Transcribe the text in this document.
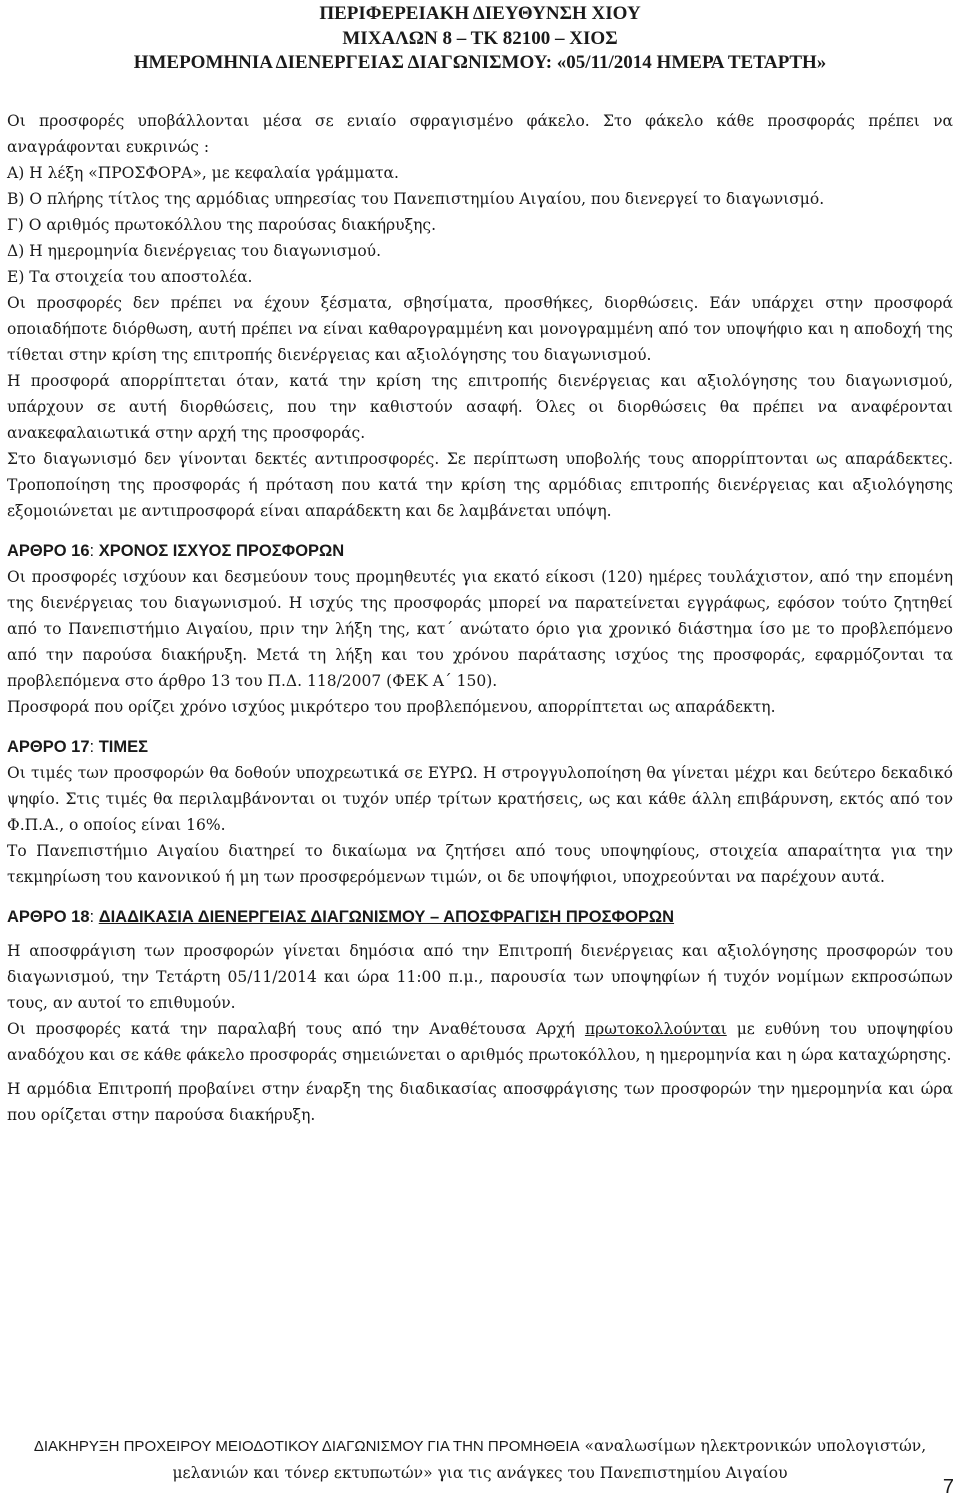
ΠΕΡΙΦΕΡΕΙΑΚΗ ΔΙΕΥΘΥΝΣΗ ΧΙΟΥ
ΜΙΧΑΛΩΝ 8 – ΤΚ 82100 – ΧΙΟΣ
ΗΜΕΡΟΜΗΝΙΑ ΔΙΕΝΕΡΓΕΙΑΣ ΔΙΑΓΩΝΙΣΜΟΥ: «05/11/2014 ΗΜΕΡΑ ΤΕΤΑΡΤΗ»

Οι προσφορές υποβάλλονται μέσα σε ενιαίο σφραγισμένο φάκελο. Στο φάκελο κάθε προσφοράς πρέπει να αναγράφονται ευκρινώς :

Α) Η λέξη «ΠΡΟΣΦΟΡΑ», με κεφαλαία γράμματα.

Β) Ο πλήρης τίτλος της αρμόδιας υπηρεσίας του Πανεπιστημίου Αιγαίου, που διενεργεί το διαγωνισμό.

Γ) Ο αριθμός πρωτοκόλλου της παρούσας διακήρυξης.

Δ) Η ημερομηνία διενέργειας του διαγωνισμού.

Ε) Τα στοιχεία του αποστολέα.

Οι προσφορές δεν πρέπει να έχουν ξέσματα, σβησίματα, προσθήκες, διορθώσεις. Εάν υπάρχει στην προσφορά οποιαδήποτε διόρθωση, αυτή πρέπει να είναι καθαρογραμμένη και μονογραμμένη από τον υποψήφιο και η αποδοχή της τίθεται στην κρίση της επιτροπής διενέργειας και αξιολόγησης του διαγωνισμού.

Η προσφορά απορρίπτεται όταν, κατά την κρίση της επιτροπής διενέργειας και αξιολόγησης του διαγωνισμού, υπάρχουν σε αυτή διορθώσεις, που την καθιστούν ασαφή. Όλες οι διορθώσεις θα πρέπει να αναφέρονται ανακεφαλαιωτικά στην αρχή της προσφοράς.

Στο διαγωνισμό δεν γίνονται δεκτές αντιπροσφορές. Σε περίπτωση υποβολής τους απορρίπτονται ως απαράδεκτες. Τροποποίηση της προσφοράς ή πρόταση που κατά την κρίση της αρμόδιας επιτροπής διενέργειας και αξιολόγησης εξομοιώνεται με αντιπροσφορά είναι απαράδεκτη και δε λαμβάνεται υπόψη.

ΑΡΘΡΟ 16: ΧΡΟΝΟΣ ΙΣΧΥΟΣ ΠΡΟΣΦΟΡΩΝ

Οι προσφορές ισχύουν και δεσμεύουν τους προμηθευτές για εκατό είκοσι (120) ημέρες τουλάχιστον, από την επομένη της διενέργειας του διαγωνισμού. Η ισχύς της προσφοράς μπορεί να παρατείνεται εγγράφως, εφόσον τούτο ζητηθεί από το Πανεπιστήμιο Αιγαίου, πριν την λήξη της, κατ΄ ανώτατο όριο για χρονικό διάστημα ίσο με το προβλεπόμενο από την παρούσα διακήρυξη. Μετά τη λήξη και του χρόνου παράτασης ισχύος της προσφοράς, εφαρμόζονται τα προβλεπόμενα στο άρθρο 13 του Π.Δ. 118/2007 (ΦΕΚ Α΄ 150).

Προσφορά που ορίζει χρόνο ισχύος μικρότερο του προβλεπόμενου, απορρίπτεται ως απαράδεκτη.

ΑΡΘΡΟ 17: ΤΙΜΕΣ

Οι τιμές των προσφορών θα δοθούν υποχρεωτικά σε ΕΥΡΩ. Η στρογγυλοποίηση θα γίνεται μέχρι και δεύτερο δεκαδικό ψηφίο. Στις τιμές θα περιλαμβάνονται οι τυχόν υπέρ τρίτων κρατήσεις, ως και κάθε άλλη επιβάρυνση, εκτός από τον Φ.Π.Α., ο οποίος είναι 16%.

Το Πανεπιστήμιο Αιγαίου διατηρεί το δικαίωμα να ζητήσει από τους υποψηφίους, στοιχεία απαραίτητα για την τεκμηρίωση του κανονικού ή μη των προσφερόμενων τιμών, οι δε υποψήφιοι, υποχρεούνται να παρέχουν αυτά.

ΑΡΘΡΟ 18: ΔΙΑΔΙΚΑΣΙΑ ΔΙΕΝΕΡΓΕΙΑΣ ΔΙΑΓΩΝΙΣΜΟΥ – ΑΠΟΣΦΡΑΓΙΣΗ ΠΡΟΣΦΟΡΩΝ

Η αποσφράγιση των προσφορών γίνεται δημόσια από την Επιτροπή διενέργειας και αξιολόγησης προσφορών του διαγωνισμού, την Τετάρτη 05/11/2014 και ώρα 11:00 π.μ., παρουσία των υποψηφίων ή τυχόν νομίμων εκπροσώπων τους, αν αυτοί το επιθυμούν.

Οι προσφορές κατά την παραλαβή τους από την Αναθέτουσα Αρχή πρωτοκολλούνται με ευθύνη του υποψηφίου αναδόχου και σε κάθε φάκελο προσφοράς σημειώνεται ο αριθμός πρωτοκόλλου, η ημερομηνία και η ώρα καταχώρησης.

Η αρμόδια Επιτροπή προβαίνει στην έναρξη της διαδικασίας αποσφράγισης των προσφορών την ημερομηνία και ώρα που ορίζεται στην παρούσα διακήρυξη.

ΔΙΑΚΗΡΥΞΗ ΠΡΟΧΕΙΡΟΥ ΜΕΙΟΔΟΤΙΚΟΥ ΔΙΑΓΩΝΙΣΜΟΥ ΓΙΑ ΤΗΝ ΠΡΟΜΗΘΕΙΑ «αναλωσίμων ηλεκτρονικών υπολογιστών, μελανιών και τόνερ εκτυπωτών» για τις ανάγκες του Πανεπιστημίου Αιγαίου
7
